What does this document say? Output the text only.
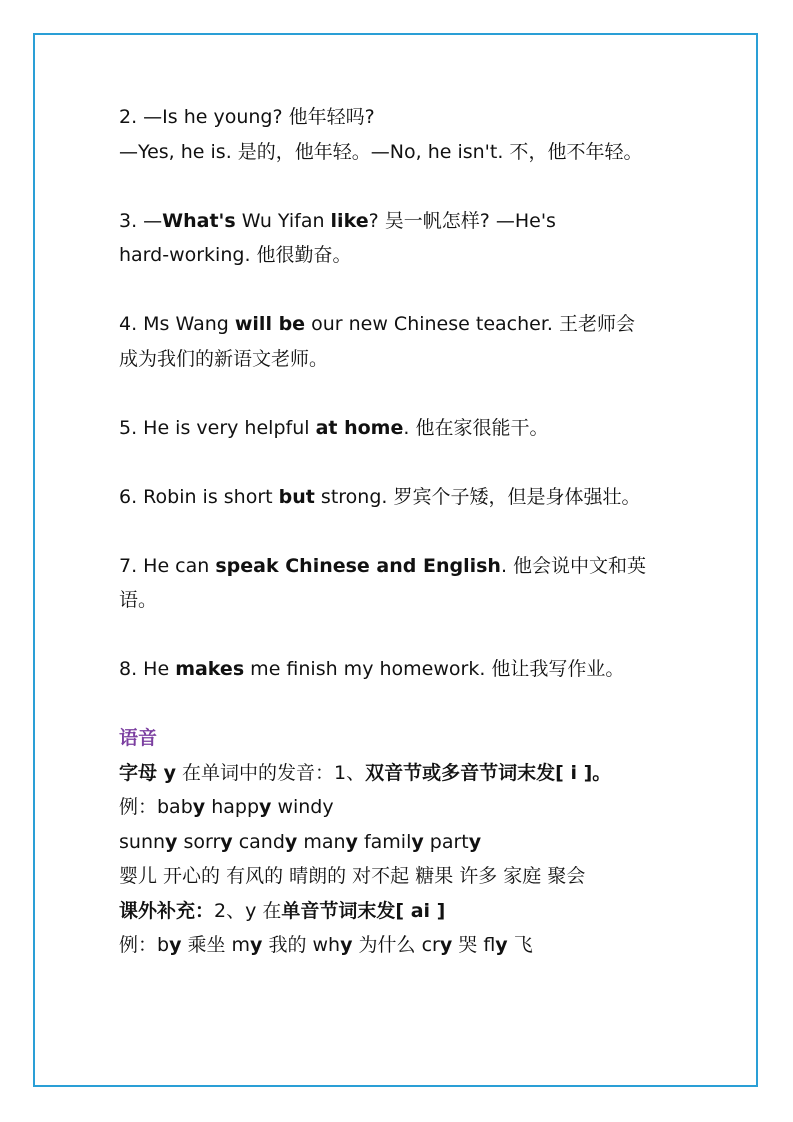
2. —Is he young? 他年轻吗?
—Yes, he is. 是的，他年轻。—No, he isn't. 不，他不年轻。
3. —What's Wu Yifan like? 吴一帆怎样? —He's
hard-working. 他很勤奋。
4. Ms Wang will be our new Chinese teacher. 王老师会
成为我们的新语文老师。
5. He is very helpful at home. 他在家很能干。
6. Robin is short but strong. 罗宾个子矮，但是身体强壮。
7. He can speak Chinese and English. 他会说中文和英
语。
8. He makes me finish my homework. 他让我写作业。
语音
字母 y 在单词中的发音：1、双音节或多音节词末发[ i ]。
例：baby happy windy
sunny sorry candy many family party
婴儿 开心的 有风的 晴朗的 对不起 糖果 许多 家庭 聚会
课外补充：2、y 在单音节词末发[ ai ]
例：by 乘坐 my 我的 why 为什么 cry 哭 fly 飞
